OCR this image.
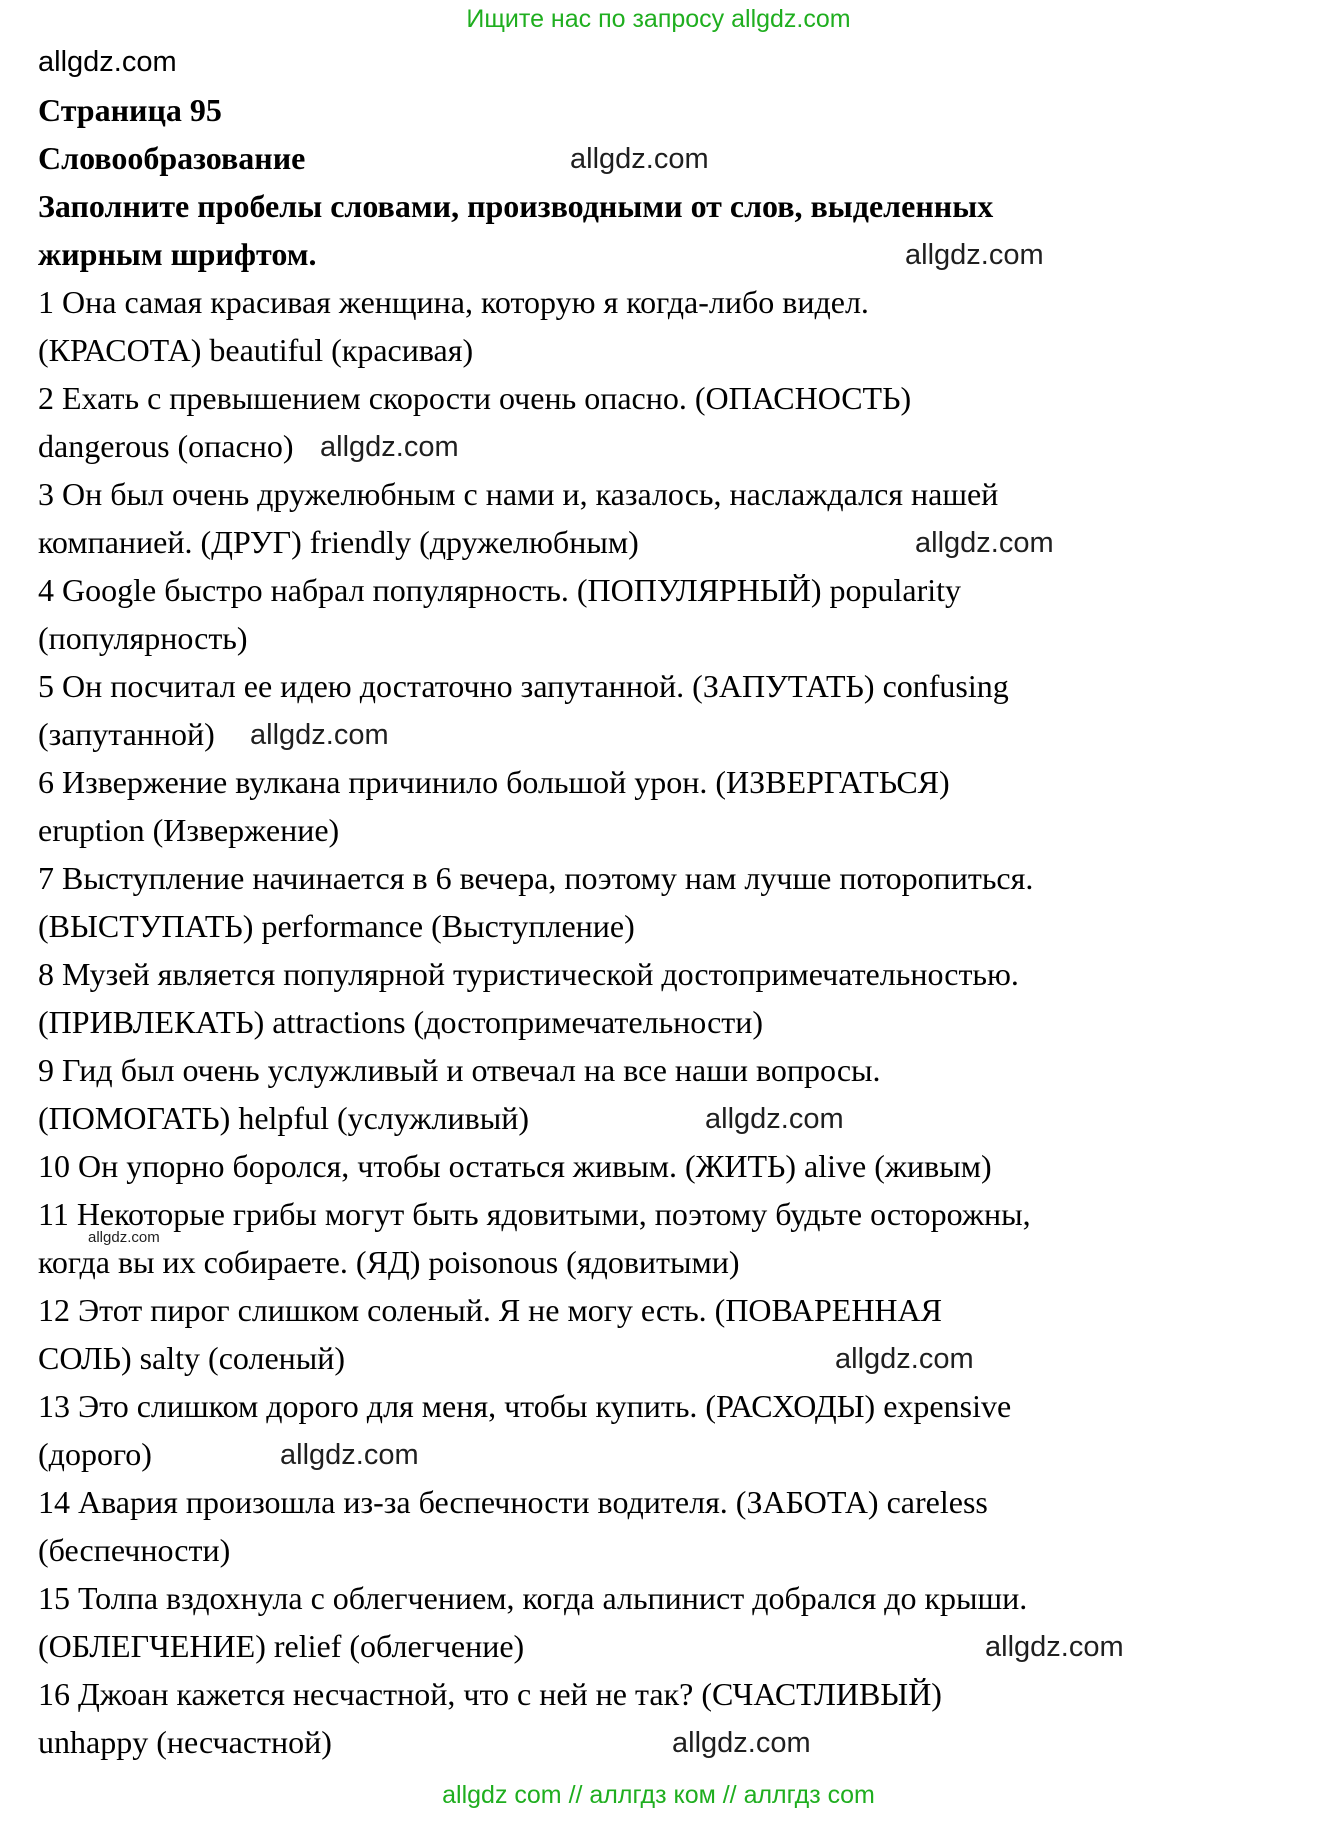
Ищите нас по запросу allgdz.com
allgdz.com
Страница 95
Словообразование	allgdz.com
Заполните пробелы словами, производными от слов, выделенных
жирным шрифтом.	allgdz.com
1 Она самая красивая женщина, которую я когда-либо видел.
(КРАСОТА) beautiful (красивая)
2 Ехать с превышением скорости очень опасно. (ОПАСНОСТЬ)
dangerous (опасно) allgdz.com
3 Он был очень дружелюбным с нами и, казалось, наслаждался нашей
компанией. (ДРУГ) friendly (дружелюбным)	allgdz.com
4 Google быстро набрал популярность. (ПОПУЛЯРНЫЙ) popularity
(популярность)
5 Он посчитал ее идею достаточно запутанной. (ЗАПУТАТЬ) confusing
(запутанной) allgdz.com
6 Извержение вулкана причинило большой урон. (ИЗВЕРГАТЬСЯ)
eruption (Извержение)
7 Выступление начинается в 6 вечера, поэтому нам лучше поторопиться.
(ВЫСТУПАТЬ) performance (Выступление)
8 Музей является популярной туристической достопримечательностью.
(ПРИВЛЕКАТЬ) attractions (достопримечательности)
9 Гид был очень услужливый и отвечал на все наши вопросы.
(ПОМОГАТЬ) helpful (услужливый)	allgdz.com
10 Он упорно боролся, чтобы остаться живым. (ЖИТЬ) alive (живым)
11 Некоторые грибы могут быть ядовитыми, поэтому будьте осторожны,
когда вы их собираете. (ЯД) poisonous (ядовитыми)
allgdz.com
12 Этот пирог слишком соленый. Я не могу есть. (ПОВАРЕННАЯ
СОЛЬ) salty (соленый)	allgdz.com
13 Это слишком дорого для меня, чтобы купить. (РАСХОДЫ) expensive
(дорого)	allgdz.com
14 Авария произошла из-за беспечности водителя. (ЗАБОТА) careless
(беспечности)
15 Толпа вздохнула с облегчением, когда альпинист добрался до крыши.
(ОБЛЕГЧЕНИЕ) relief (облегчение)	allgdz.com
16 Джоан кажется несчастной, что с ней не так? (СЧАСТЛИВЫЙ)
unhappy (несчастной)	allgdz.com
allgdz com // аллгдз ком // аллгдз com
